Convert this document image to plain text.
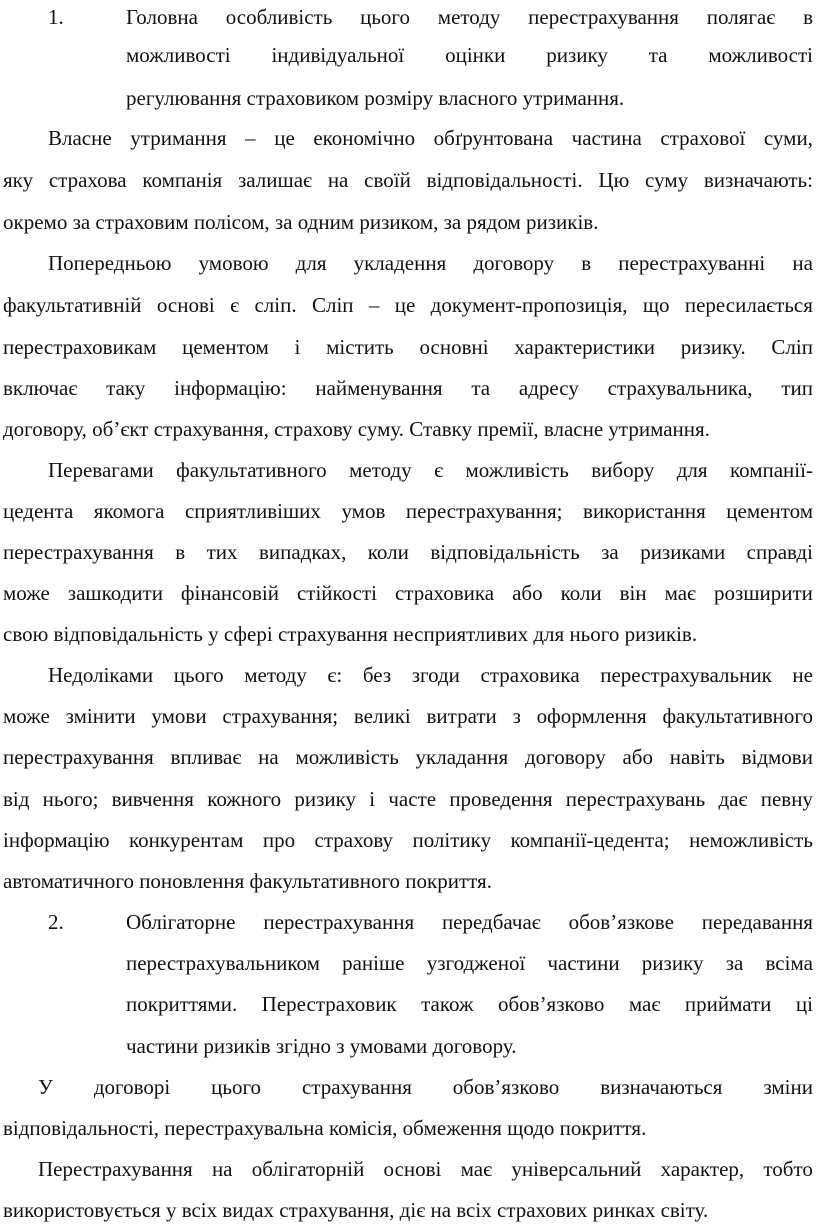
1.	Головна особливість цього методу перестрахування полягає в
можливості індивідуальної оцінки ризику та можливості
регулювання страховиком розміру власного утримання.
Власне утримання – це економічно обґрунтована частина страхової суми,
яку страхова компанія залишає на своїй відповідальності. Цю суму визначають:
окремо за страховим полісом, за одним ризиком, за рядом ризиків.
Попередньою умовою для укладення договору в перестрахуванні на
факультативній основі є сліп. Сліп – це документ-пропозиція, що пересилається
перестраховикам цементом і містить основні характеристики ризику. Сліп
включає таку інформацію: найменування та адресу страхувальника, тип
договору, об’єкт страхування, страхову суму. Ставку премії, власне утримання.
Перевагами факультативного методу є можливість вибору для компанії-
цедента якомога сприятливіших умов перестрахування; використання цементом
перестрахування в тих випадках, коли відповідальність за ризиками справді
може зашкодити фінансовій стійкості страховика або коли він має розширити
свою відповідальність у сфері страхування несприятливих для нього ризиків.
Недоліками цього методу є: без згоди страховика перестрахувальник не
може змінити умови страхування; великі витрати з оформлення факультативного
перестрахування впливає на можливість укладання договору або навіть відмови
від нього; вивчення кожного ризику і часте проведення перестрахувань дає певну
інформацію конкурентам про страхову політику компанії-цедента; неможливість
автоматичного поновлення факультативного покриття.
2.	Облігаторне перестрахування передбачає обов’язкове передавання
перестрахувальником раніше узгодженої частини ризику за всіма
покриттями. Перестраховик також обов’язково має приймати ці
частини ризиків згідно з умовами договору.
У договорі цього страхування обов’язково визначаються зміни
відповідальності, перестрахувальна комісія, обмеження щодо покриття.
Перестрахування на облігаторній основі має універсальний характер, тобто
використовується у всіх видах страхування, діє на всіх страхових ринках світу.
